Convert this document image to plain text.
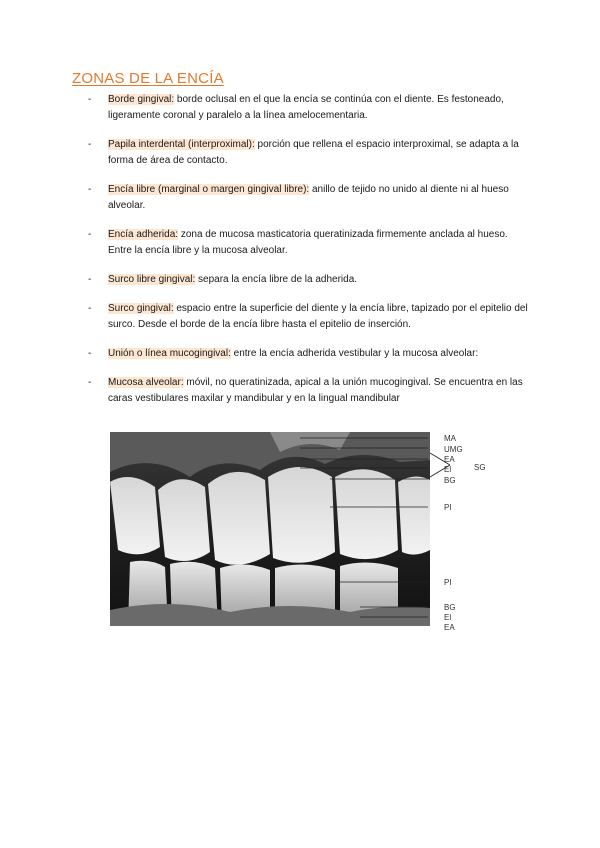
ZONAS DE LA ENCÍA
- Borde gingival: borde oclusal en el que la encía se continúa con el diente. Es festoneado, ligeramente coronal y paralelo a la línea amelocementaria.
- Papila interdental (interproximal): porción que rellena el espacio interproximal, se adapta a la forma de área de contacto.
- Encía libre (marginal o margen gingival libre): anillo de tejido no unido al diente ni al hueso alveolar.
- Encía adherida: zona de mucosa masticatoria queratinizada firmemente anclada al hueso. Entre la encía libre y la mucosa alveolar.
- Surco libre gingival: separa la encía libre de la adherida.
- Surco gingival: espacio entre la superficie del diente y la encía libre, tapizado por el epitelio del surco. Desde el borde de la encía libre hasta el epitelio de inserción.
- Unión o línea mucogingival: entre la encía adherida vestibular y la mucosa alveolar:
- Mucosa alveolar: móvil, no queratinizada, apical a la unión mucogingival. Se encuentra en las caras vestibulares maxilar y mandibular y en la lingual mandibular
MA
UMG
EA
SG
El
BG
PI
PI
BG
El
EA
